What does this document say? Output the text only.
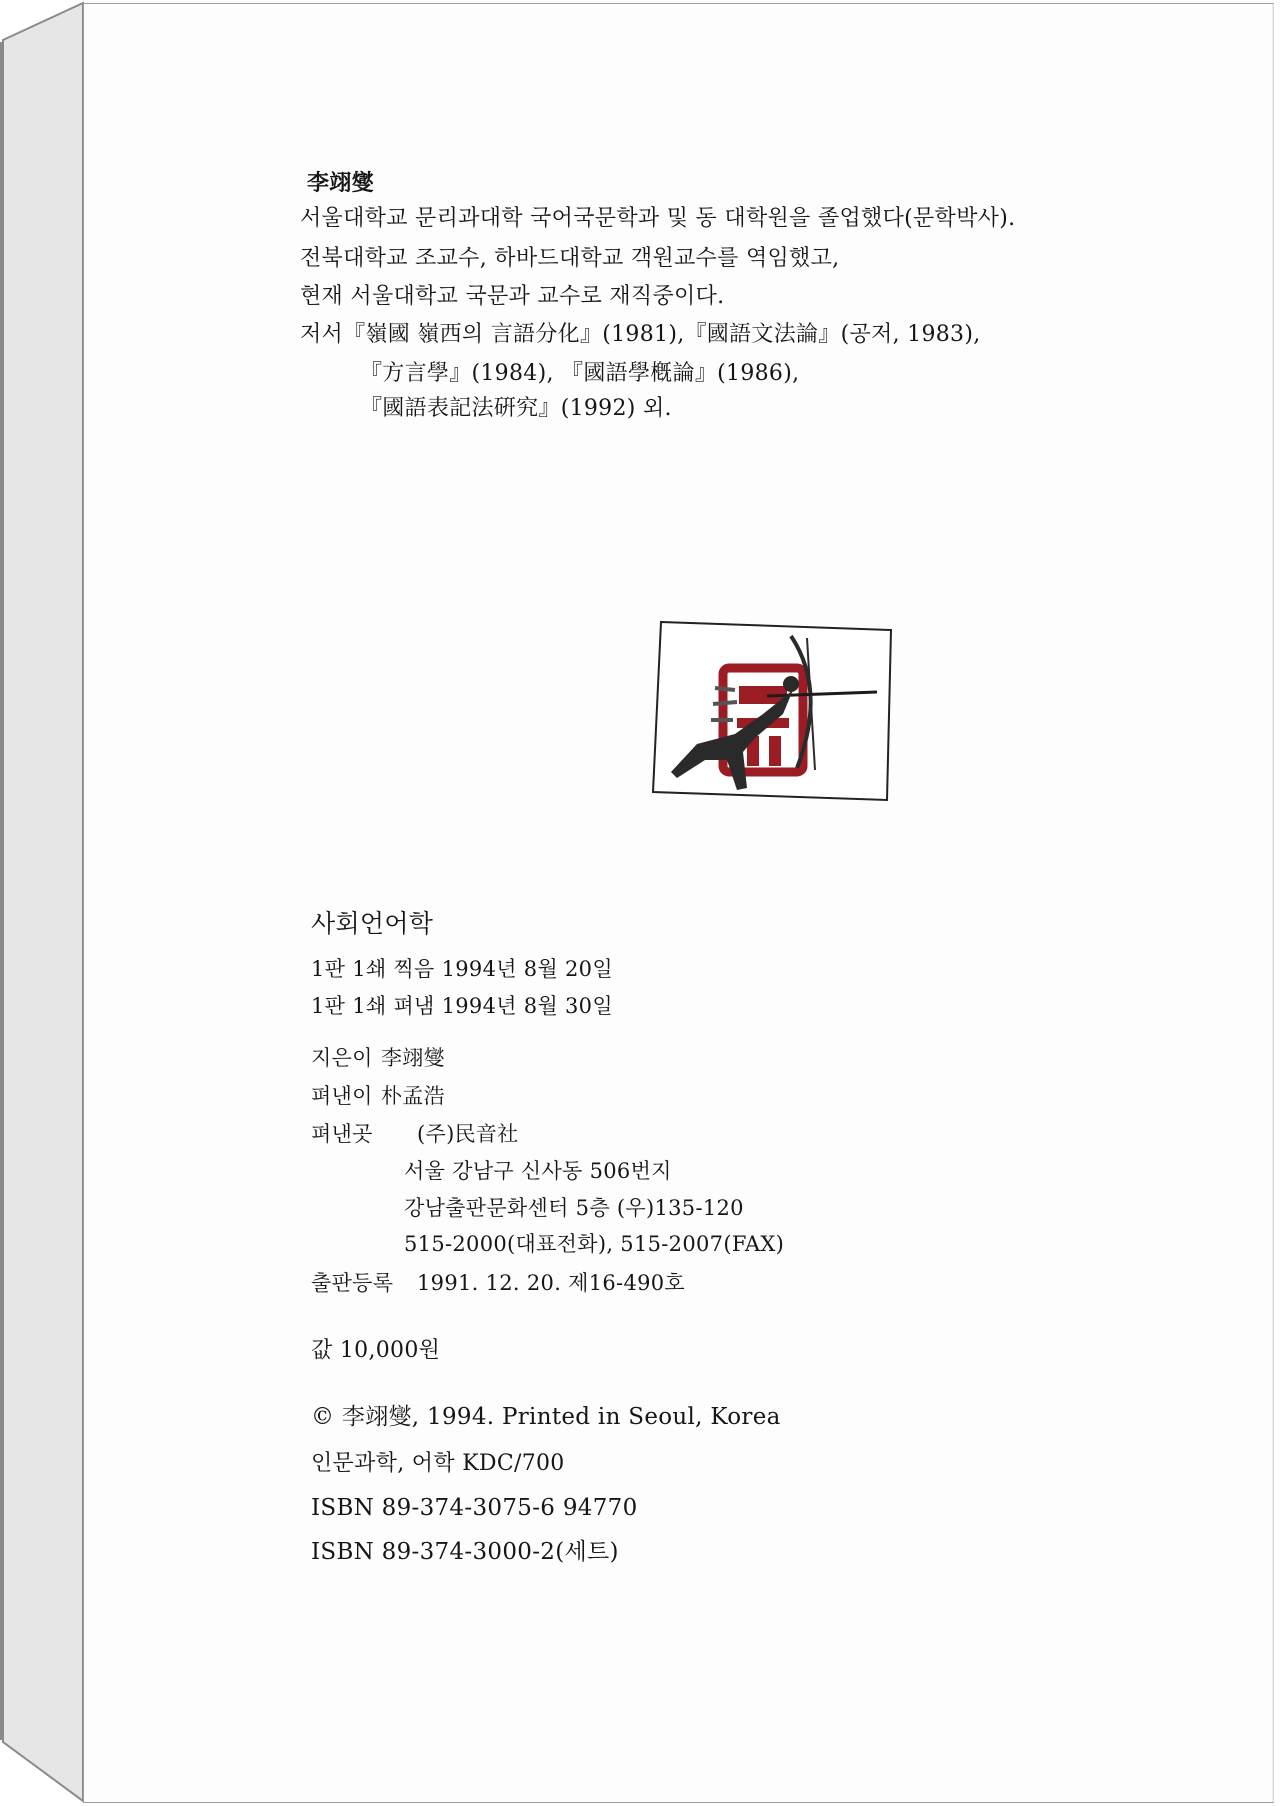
李翊燮
서울대학교 문리과대학 국어국문학과 및 동 대학원을 졸업했다(문학박사).
전북대학교 조교수, 하바드대학교 객원교수를 역임했고,
현재 서울대학교 국문과 교수로 재직중이다.
저서『嶺國 嶺西의 言語分化』(1981),『國語文法論』(공저, 1983),
『方言學』(1984), 『國語學槪論』(1986),
『國語表記法硏究』(1992) 외.
사회언어학
1판 1쇄 찍음 1994년 8월 20일
1판 1쇄 펴냄 1994년 8월 30일
지은이 李翊燮
펴낸이 朴孟浩
펴낸곳 (주)民音社
서울 강남구 신사동 506번지
강남출판문화센터 5층 (우)135-120
515-2000(대표전화), 515-2007(FAX)
출판등록 1991. 12. 20. 제16-490호
값 10,000원
© 李翊燮, 1994. Printed in Seoul, Korea
인문과학, 어학 KDC/700
ISBN 89-374-3075-6 94770
ISBN 89-374-3000-2(세트)
